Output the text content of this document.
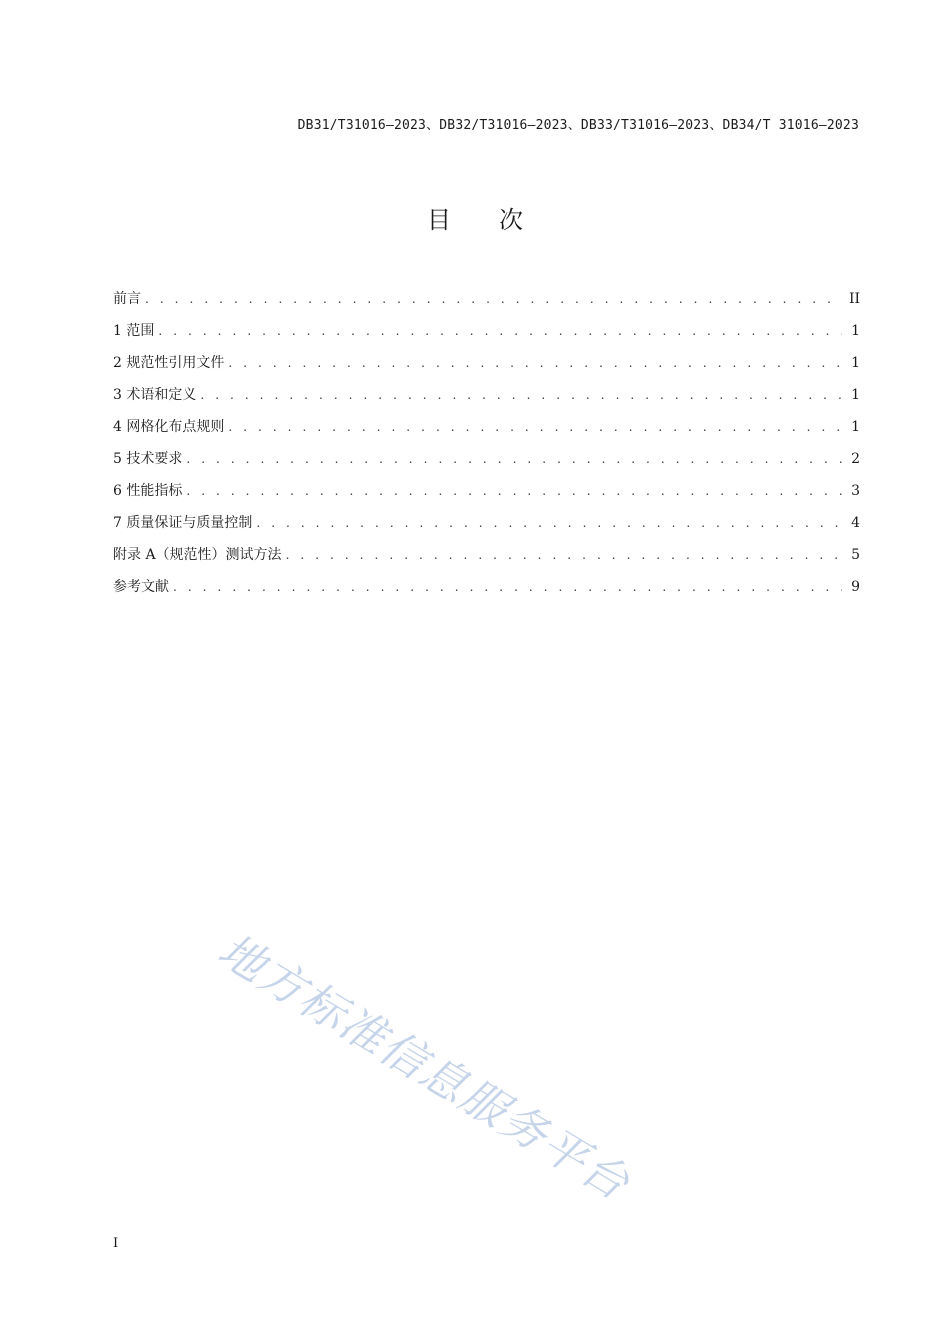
DB31/T31016—2023、DB32/T31016—2023、DB33/T31016—2023、DB34/T 31016—2023
目次
前言 . . .	II
1 范围 . . .	1
2 规范性引用文件 . . .	1
3 术语和定义 . . .	1
4 网格化布点规则 . . .	1
5 技术要求 . . .	2
6 性能指标 . . .	3
7 质量保证与质量控制 . . .	4
附录 A（规范性）测试方法 . . .	5
参考文献 . . .	9
地方标准信息服务平台
I
